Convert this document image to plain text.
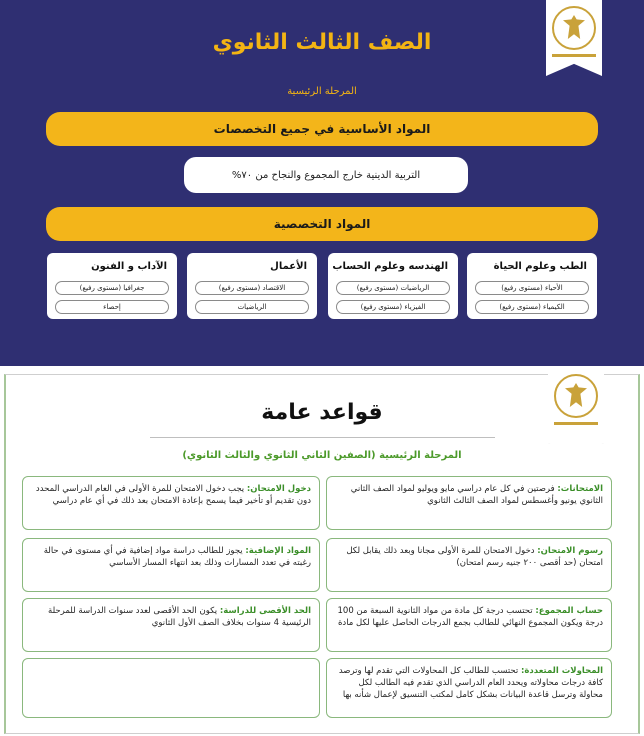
الصف الثالث الثانوي
المرحلة الرئيسية
المواد الأساسية في جميع التخصصات
التربية الدينية خارج المجموع والنجاح من ٧٠%
المواد التخصصية
الطب وعلوم الحياة
الأحياء (مستوى رفيع)
الكيمياء (مستوى رفيع)
الهندسه وعلوم الحساب
الرياضيات (مستوى رفيع)
الفيزياء (مستوى رفيع)
الأعمال
الاقتصاد (مستوى رفيع)
الرياضيات
الآداب و الفنون
جغرافيا (مستوى رفيع)
إحصاء
قواعد عامة
المرحلة الرئيسية (الصفين الثاني الثانوي والثالث الثانوي)
الامتحانات: فرصتين في كل عام دراسي مايو ويوليو لمواد الصف الثاني الثانوي يونيو وأغسطس لمواد الصف الثالث الثانوي
رسوم الامتحان: دخول الامتحان للمرة الأولى مجانا وبعد ذلك يقابل لكل امتحان (حد أقصى ٢٠٠ جنيه رسم امتحان)
حساب المجموع: تحتسب درجة كل مادة من مواد الثانوية السبعة من 100 درجة ويكون المجموع النهائي للطالب بجمع الدرجات الحاصل عليها لكل مادة
المحاولات المتعددة: تحتسب للطالب كل المحاولات التي تقدم لها وترصد كافة درجات محاولاته ويحدد العام الدراسي الذي تقدم فيه الطالب لكل محاولة وترسل قاعدة البيانات بشكل كامل لمكتب التنسيق لإعمال شأنه بها
دخول الامتحان: يجب دخول الامتحان للمرة الأولى في العام الدراسي المحدد دون تقديم أو تأخير فيما يسمح بإعادة الامتحان بعد ذلك في أي عام دراسي
المواد الإضافية: يجوز للطالب دراسة مواد إضافية في أي مستوى في حالة رغبته في تعدد المسارات وذلك بعد انتهاء المسار الأساسي
الحد الأقصى للدراسة: يكون الحد الأقصى لعدد سنوات الدراسة للمرحلة الرئيسية 4 سنوات بخلاف الصف الأول الثانوي
